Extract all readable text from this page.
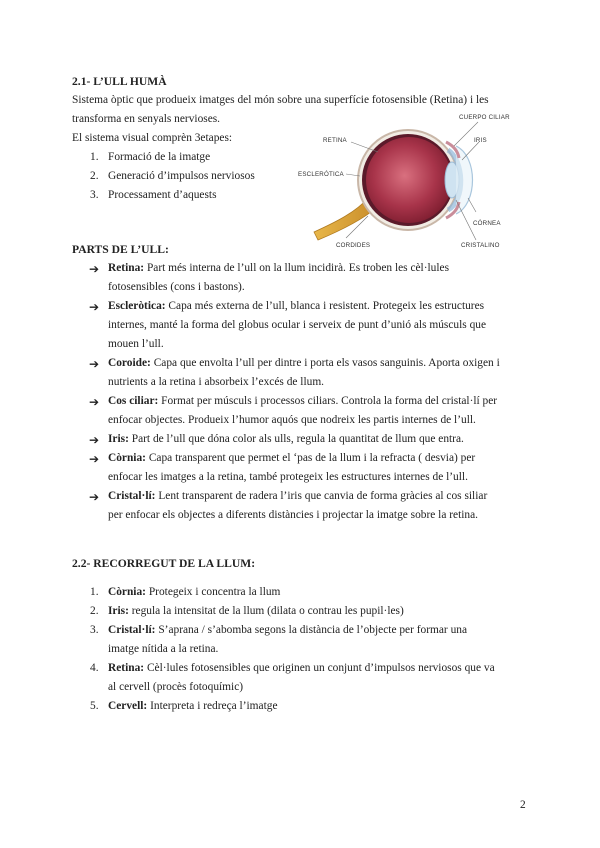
2.1- L’ULL HUMÀ
Sistema òptic que produeix imatges del món sobre una superfície fotosensible (Retina) i les
transforma en senyals nervioses.
El sistema visual comprèn 3etapes:
1. Formació de la imatge
2. Generació d’impulsos nerviosos
3. Processament d’aquests
RETINA
CUERPO CILIAR
IRIS
ESCLERÓTICA
CÓRNEA
CORDIDES	CRISTALINO
PARTS DE L’ULL:
➔ Retina: Part més interna de l’ull on la llum incidirà. Es troben les cèl·lules
fotosensibles (cons i bastons).
➔ Escleròtica: Capa més externa de l’ull, blanca i resistent. Protegeix les estructures
internes, manté la forma del globus ocular i serveix de punt d’unió als músculs que
mouen l’ull.
➔ Coroide: Capa que envolta l’ull per dintre i porta els vasos sanguinis. Aporta oxigen i
nutrients a la retina i absorbeix l’excés de llum.
➔ Cos ciliar: Format per músculs i processos ciliars. Controla la forma del cristal·lí per
enfocar objectes. Produeix l’humor aquós que nodreix les partis internes de l’ull.
➔ Iris: Part de l’ull que dóna color als ulls, regula la quantitat de llum que entra.
➔ Còrnia: Capa transparent que permet el ‘pas de la llum i la refracta ( desvia) per
enfocar les imatges a la retina, també protegeix les estructures internes de l’ull.
➔ Cristal·lí: Lent transparent de radera l’iris que canvia de forma gràcies al cos siliar
per enfocar els objectes a diferents distàncies i projectar la imatge sobre la retina.
2.2- RECORREGUT DE LA LLUM:
1. Còrnia: Protegeix i concentra la llum
2. Iris: regula la intensitat de la llum (dilata o contrau les pupil·les)
3. Cristal·lí: S’aprana / s’abomba segons la distància de l’objecte per formar una
imatge nítida a la retina.
4. Retina: Cèl·lules fotosensibles que originen un conjunt d’impulsos nerviosos que va
al cervell (procès fotoquímic)
5. Cervell: Interpreta i redreça l’imatge
2
